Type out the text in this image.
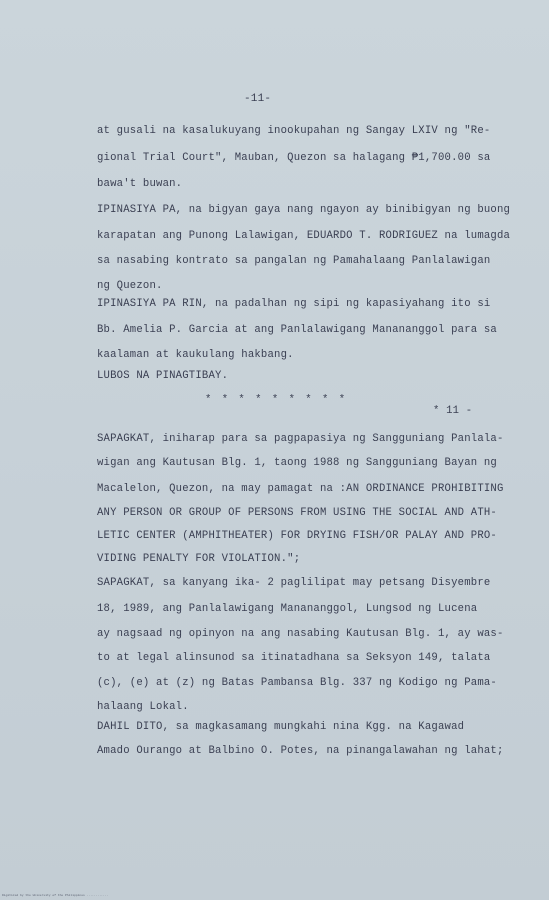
-11-
at gusali na kasalukuyang inookupahan ng Sangay LXIV ng "Re-
gional Trial Court", Mauban, Quezon sa halagang ₱1,700.00 sa
bawa't buwan.
IPINASIYA PA, na bigyan gaya nang ngayon ay binibigyan ng buong
karapatan ang Punong Lalawigan, EDUARDO T. RODRIGUEZ na lumagda
sa nasabing kontrato sa pangalan ng Pamahalaang Panlalawigan
ng Quezon.
IPINASIYA PA RIN, na padalhan ng sipi ng kapasiyahang ito si
Bb. Amelia P. Garcia at ang Panlalawigang Manananggol para sa
kaalaman at kaukulang hakbang.
LUBOS NA PINAGTIBAY.
* * * * * * * * *
* 11 -
SAPAGKAT, iniharap para sa pagpapasiya ng Sangguniang Panlala-
wigan ang Kautusan Blg. 1, taong 1988 ng Sangguniang Bayan ng
Macalelon, Quezon, na may pamagat na :AN ORDINANCE PROHIBITING
ANY PERSON OR GROUP OF PERSONS FROM USING THE SOCIAL AND ATH-
LETIC CENTER (AMPHITHEATER) FOR DRYING FISH/OR PALAY AND PRO-
VIDING PENALTY FOR VIOLATION.";
SAPAGKAT, sa kanyang ika- 2 paglilipat may petsang Disyembre
18, 1989, ang Panlalawigang Manananggol, Lungsod ng Lucena
ay nagsaad ng opinyon na ang nasabing Kautusan Blg. 1, ay was-
to at legal alinsunod sa itinatadhana sa Seksyon 149, talata
(c), (e) at (z) ng Batas Pambansa Blg. 337 ng Kodigo ng Pama-
halaang Lokal.
DAHIL DITO, sa magkasamang mungkahi nina Kgg. na Kagawad
Amado Ourango at Balbino O. Potes, na pinangalawahan ng lahat;
Digitized by the University of the Philippines ............
